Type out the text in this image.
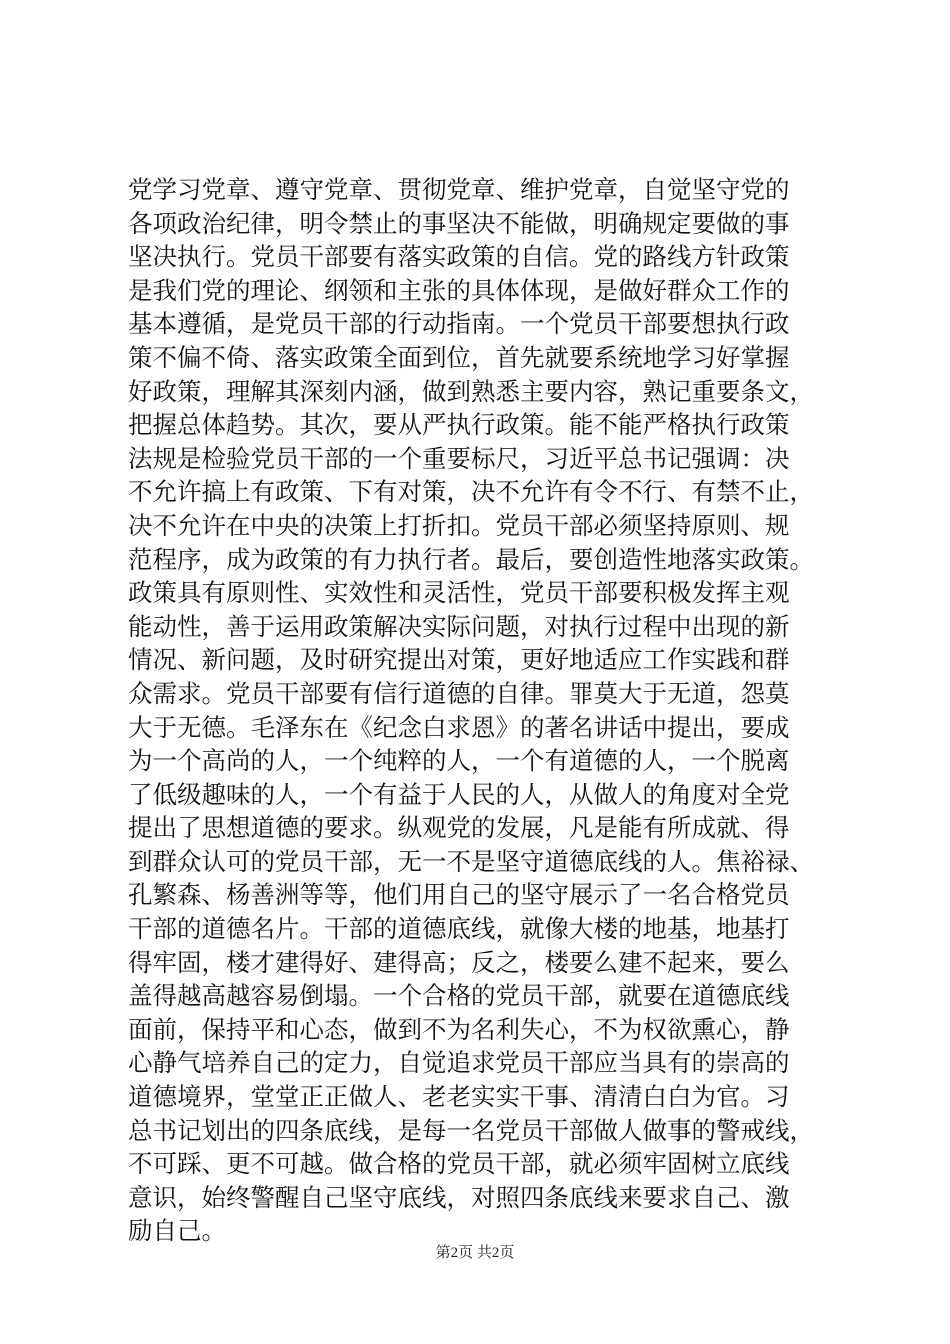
党学习党章、遵守党章、贯彻党章、维护党章，自觉坚守党的
各项政治纪律，明令禁止的事坚决不能做，明确规定要做的事
坚决执行。党员干部要有落实政策的自信。党的路线方针政策
是我们党的理论、纲领和主张的具体体现，是做好群众工作的
基本遵循，是党员干部的行动指南。一个党员干部要想执行政
策不偏不倚、落实政策全面到位，首先就要系统地学习好掌握
好政策，理解其深刻内涵，做到熟悉主要内容，熟记重要条文，
把握总体趋势。其次，要从严执行政策。能不能严格执行政策
法规是检验党员干部的一个重要标尺，习近平总书记强调：决
不允许搞上有政策、下有对策，决不允许有令不行、有禁不止，
决不允许在中央的决策上打折扣。党员干部必须坚持原则、规
范程序，成为政策的有力执行者。最后，要创造性地落实政策。
政策具有原则性、实效性和灵活性，党员干部要积极发挥主观
能动性，善于运用政策解决实际问题，对执行过程中出现的新
情况、新问题，及时研究提出对策，更好地适应工作实践和群
众需求。党员干部要有信行道德的自律。罪莫大于无道，怨莫
大于无德。毛泽东在《纪念白求恩》的著名讲话中提出，要成
为一个高尚的人，一个纯粹的人，一个有道德的人，一个脱离
了低级趣味的人，一个有益于人民的人，从做人的角度对全党
提出了思想道德的要求。纵观党的发展，凡是能有所成就、得
到群众认可的党员干部，无一不是坚守道德底线的人。焦裕禄、
孔繁森、杨善洲等等，他们用自己的坚守展示了一名合格党员
干部的道德名片。干部的道德底线，就像大楼的地基，地基打
得牢固，楼才建得好、建得高；反之，楼要么建不起来，要么
盖得越高越容易倒塌。一个合格的党员干部，就要在道德底线
面前，保持平和心态，做到不为名利失心，不为权欲熏心，静
心静气培养自己的定力，自觉追求党员干部应当具有的崇高的
道德境界，堂堂正正做人、老老实实干事、清清白白为官。习
总书记划出的四条底线，是每一名党员干部做人做事的警戒线，
不可踩、更不可越。做合格的党员干部，就必须牢固树立底线
意识，始终警醒自己坚守底线，对照四条底线来要求自己、激
励自己。
第2页 共2页
